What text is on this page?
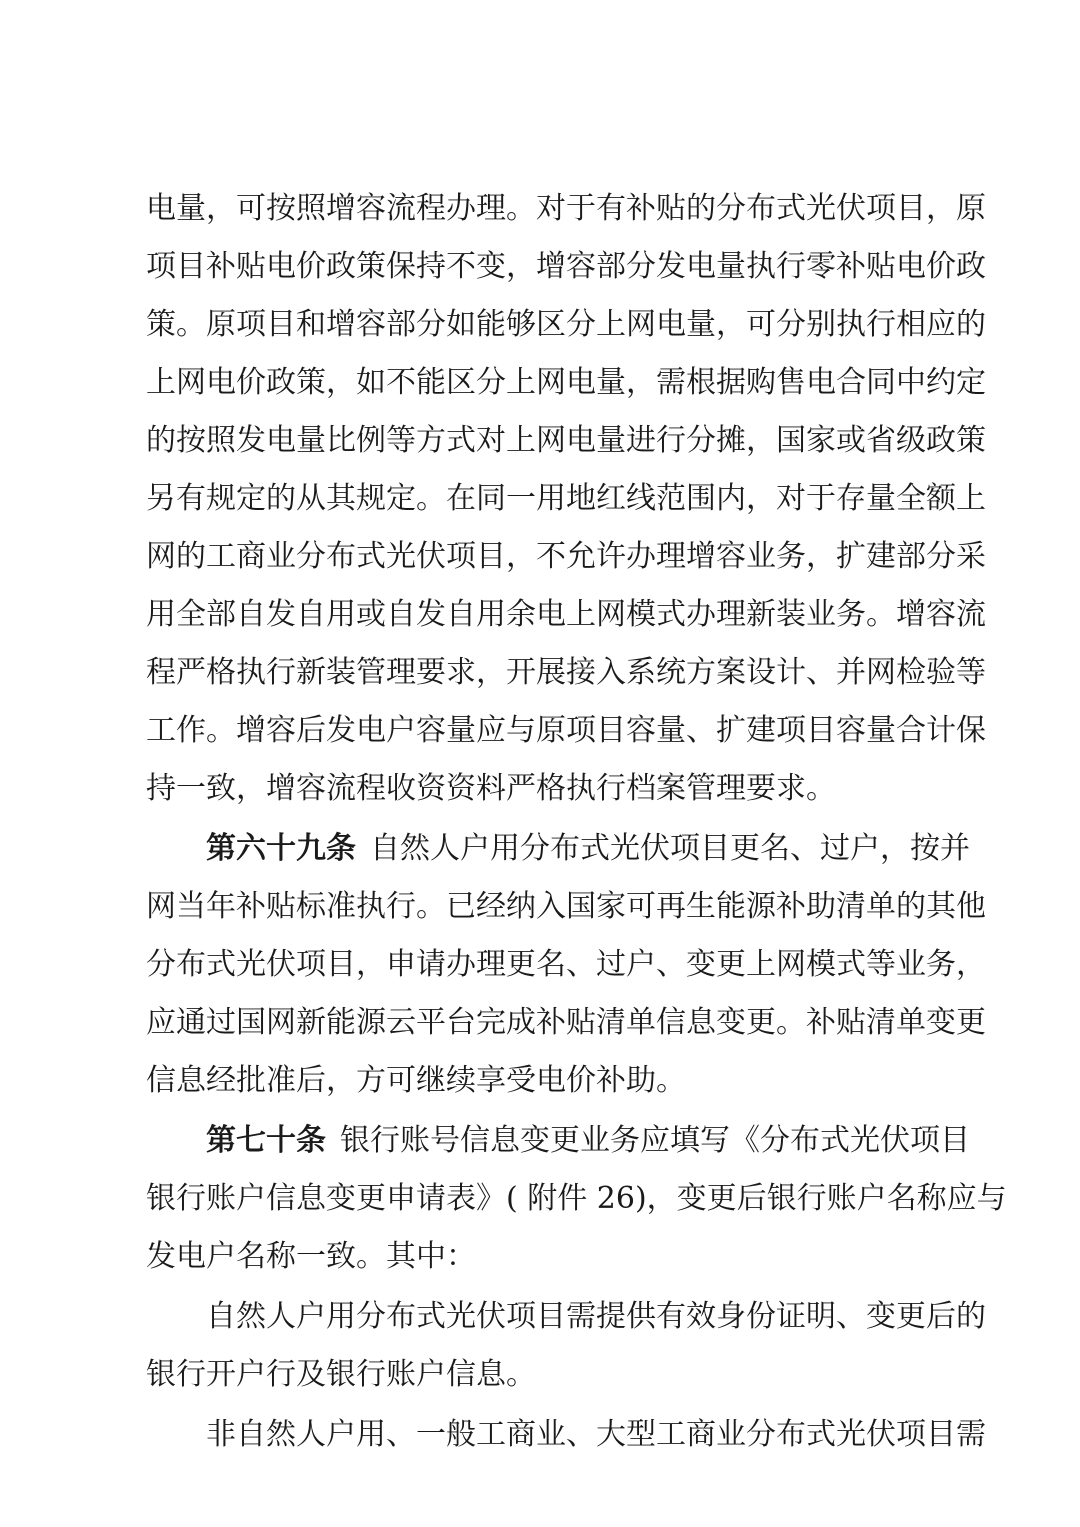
电量，可按照增容流程办理。对于有补贴的分布式光伏项目，原
项目补贴电价政策保持不变，增容部分发电量执行零补贴电价政
策。原项目和增容部分如能够区分上网电量，可分别执行相应的
上网电价政策，如不能区分上网电量，需根据购售电合同中约定
的按照发电量比例等方式对上网电量进行分摊，国家或省级政策
另有规定的从其规定。在同一用地红线范围内，对于存量全额上
网的工商业分布式光伏项目，不允许办理增容业务，扩建部分采
用全部自发自用或自发自用余电上网模式办理新装业务。增容流
程严格执行新装管理要求，开展接入系统方案设计、并网检验等
工作。增容后发电户容量应与原项目容量、扩建项目容量合计保
持一致，增容流程收资资料严格执行档案管理要求。
第六十九条 自然人户用分布式光伏项目更名、过户，按并
网当年补贴标准执行。已经纳入国家可再生能源补助清单的其他
分布式光伏项目，申请办理更名、过户、变更上网模式等业务，
应通过国网新能源云平台完成补贴清单信息变更。补贴清单变更
信息经批准后，方可继续享受电价补助。
第七十条 银行账号信息变更业务应填写《分布式光伏项目
银行账户信息变更申请表》( 附件 26)，变更后银行账户名称应与
发电户名称一致。其中：
自然人户用分布式光伏项目需提供有效身份证明、变更后的
银行开户行及银行账户信息。
非自然人户用、一般工商业、大型工商业分布式光伏项目需
